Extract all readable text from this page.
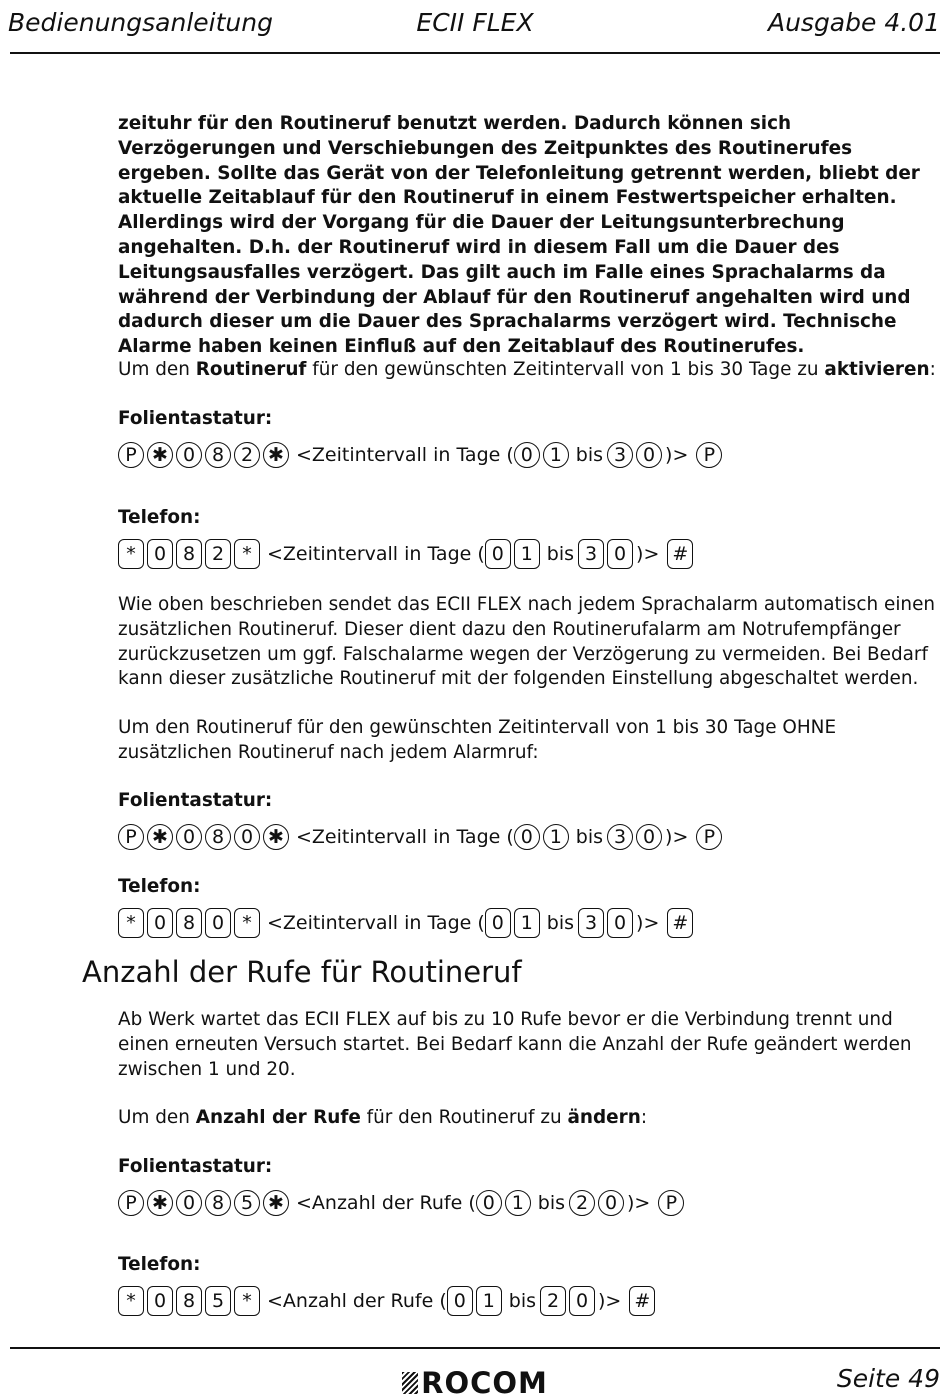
Bedienungsanleitung	ECII FLEX	Ausgabe 4.01
zeituhr für den Routineruf benutzt werden. Dadurch können sich Verzögerungen und Verschiebungen des Zeitpunktes des Routinerufes ergeben. Sollte das Gerät von der Telefonleitung getrennt werden, bliebt der aktuelle Zeitablauf für den Routineruf in einem Festwertspeicher erhalten. Allerdings wird der Vorgang für die Dauer der Leitungsunterbrechung angehalten. D.h. der Routineruf wird in diesem Fall um die Dauer des Leitungsausfalles verzögert. Das gilt auch im Falle eines Sprachalarms da während der Verbindung der Ablauf für den Routineruf angehalten wird und dadurch dieser um die Dauer des Sprachalarms verzögert wird. Technische Alarme haben keinen Einfluß auf den Zeitablauf des Routinerufes.
Um den Routineruf für den gewünschten Zeitintervall von 1 bis 30 Tage zu aktivieren:
Folientastatur:
P ✱ 0 8 2 ✱ <Zeitintervall in Tage ( 0 1 bis 3 0 )> P
Telefon:
* 0 8 2 * <Zeitintervall in Tage ( 0 1 bis 3 0 )> #
Wie oben beschrieben sendet das ECII FLEX nach jedem Sprachalarm automatisch einen zusätzlichen Routineruf. Dieser dient dazu den Routinerufalarm am Notrufempfänger zurückzusetzen um ggf. Falschalarme wegen der Verzögerung zu vermeiden. Bei Bedarf kann dieser zusätzliche Routineruf mit der folgenden Einstellung abgeschaltet werden.
Um den Routineruf für den gewünschten Zeitintervall von 1 bis 30 Tage OHNE zusätzlichen Routineruf nach jedem Alarmruf:
Folientastatur:
P ✱ 0 8 0 ✱ <Zeitintervall in Tage ( 0 1 bis 3 0 )> P
Telefon:
* 0 8 0 * <Zeitintervall in Tage ( 0 1 bis 3 0 )> #
Anzahl der Rufe für Routineruf
Ab Werk wartet das ECII FLEX auf bis zu 10 Rufe bevor er die Verbindung trennt und einen erneuten Versuch startet. Bei Bedarf kann die Anzahl der Rufe geändert werden zwischen 1 und 20.
Um den Anzahl der Rufe für den Routineruf zu ändern:
Folientastatur:
P ✱ 0 8 5 ✱ <Anzahl der Rufe ( 0 1 bis 2 0 )> P
Telefon:
* 0 8 5 * <Anzahl der Rufe ( 0 1 bis 2 0 )> #
ROCOM	Seite 49
